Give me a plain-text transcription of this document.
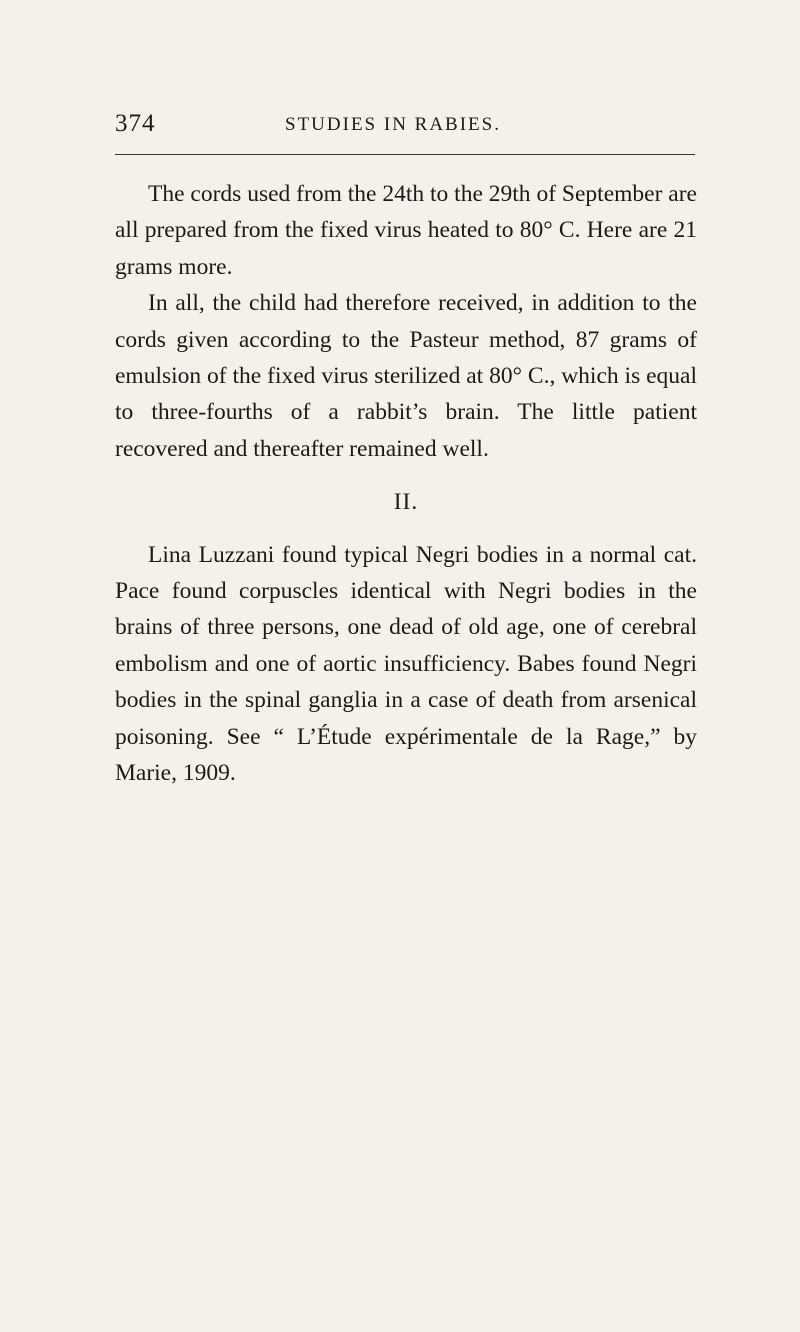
374	STUDIES IN RABIES.

The cords used from the 24th to the 29th of September are all prepared from the fixed virus heated to 80° C. Here are 21 grams more.

In all, the child had therefore received, in addition to the cords given according to the Pasteur method, 87 grams of emulsion of the fixed virus sterilized at 80° C., which is equal to three-fourths of a rabbit’s brain. The little patient recovered and thereafter remained well.

II.

Lina Luzzani found typical Negri bodies in a normal cat. Pace found corpuscles identical with Negri bodies in the brains of three persons, one dead of old age, one of cerebral embolism and one of aortic insufficiency. Babes found Negri bodies in the spinal ganglia in a case of death from arsenical poisoning. See “ L’Étude expérimentale de la Rage,” by Marie, 1909.
